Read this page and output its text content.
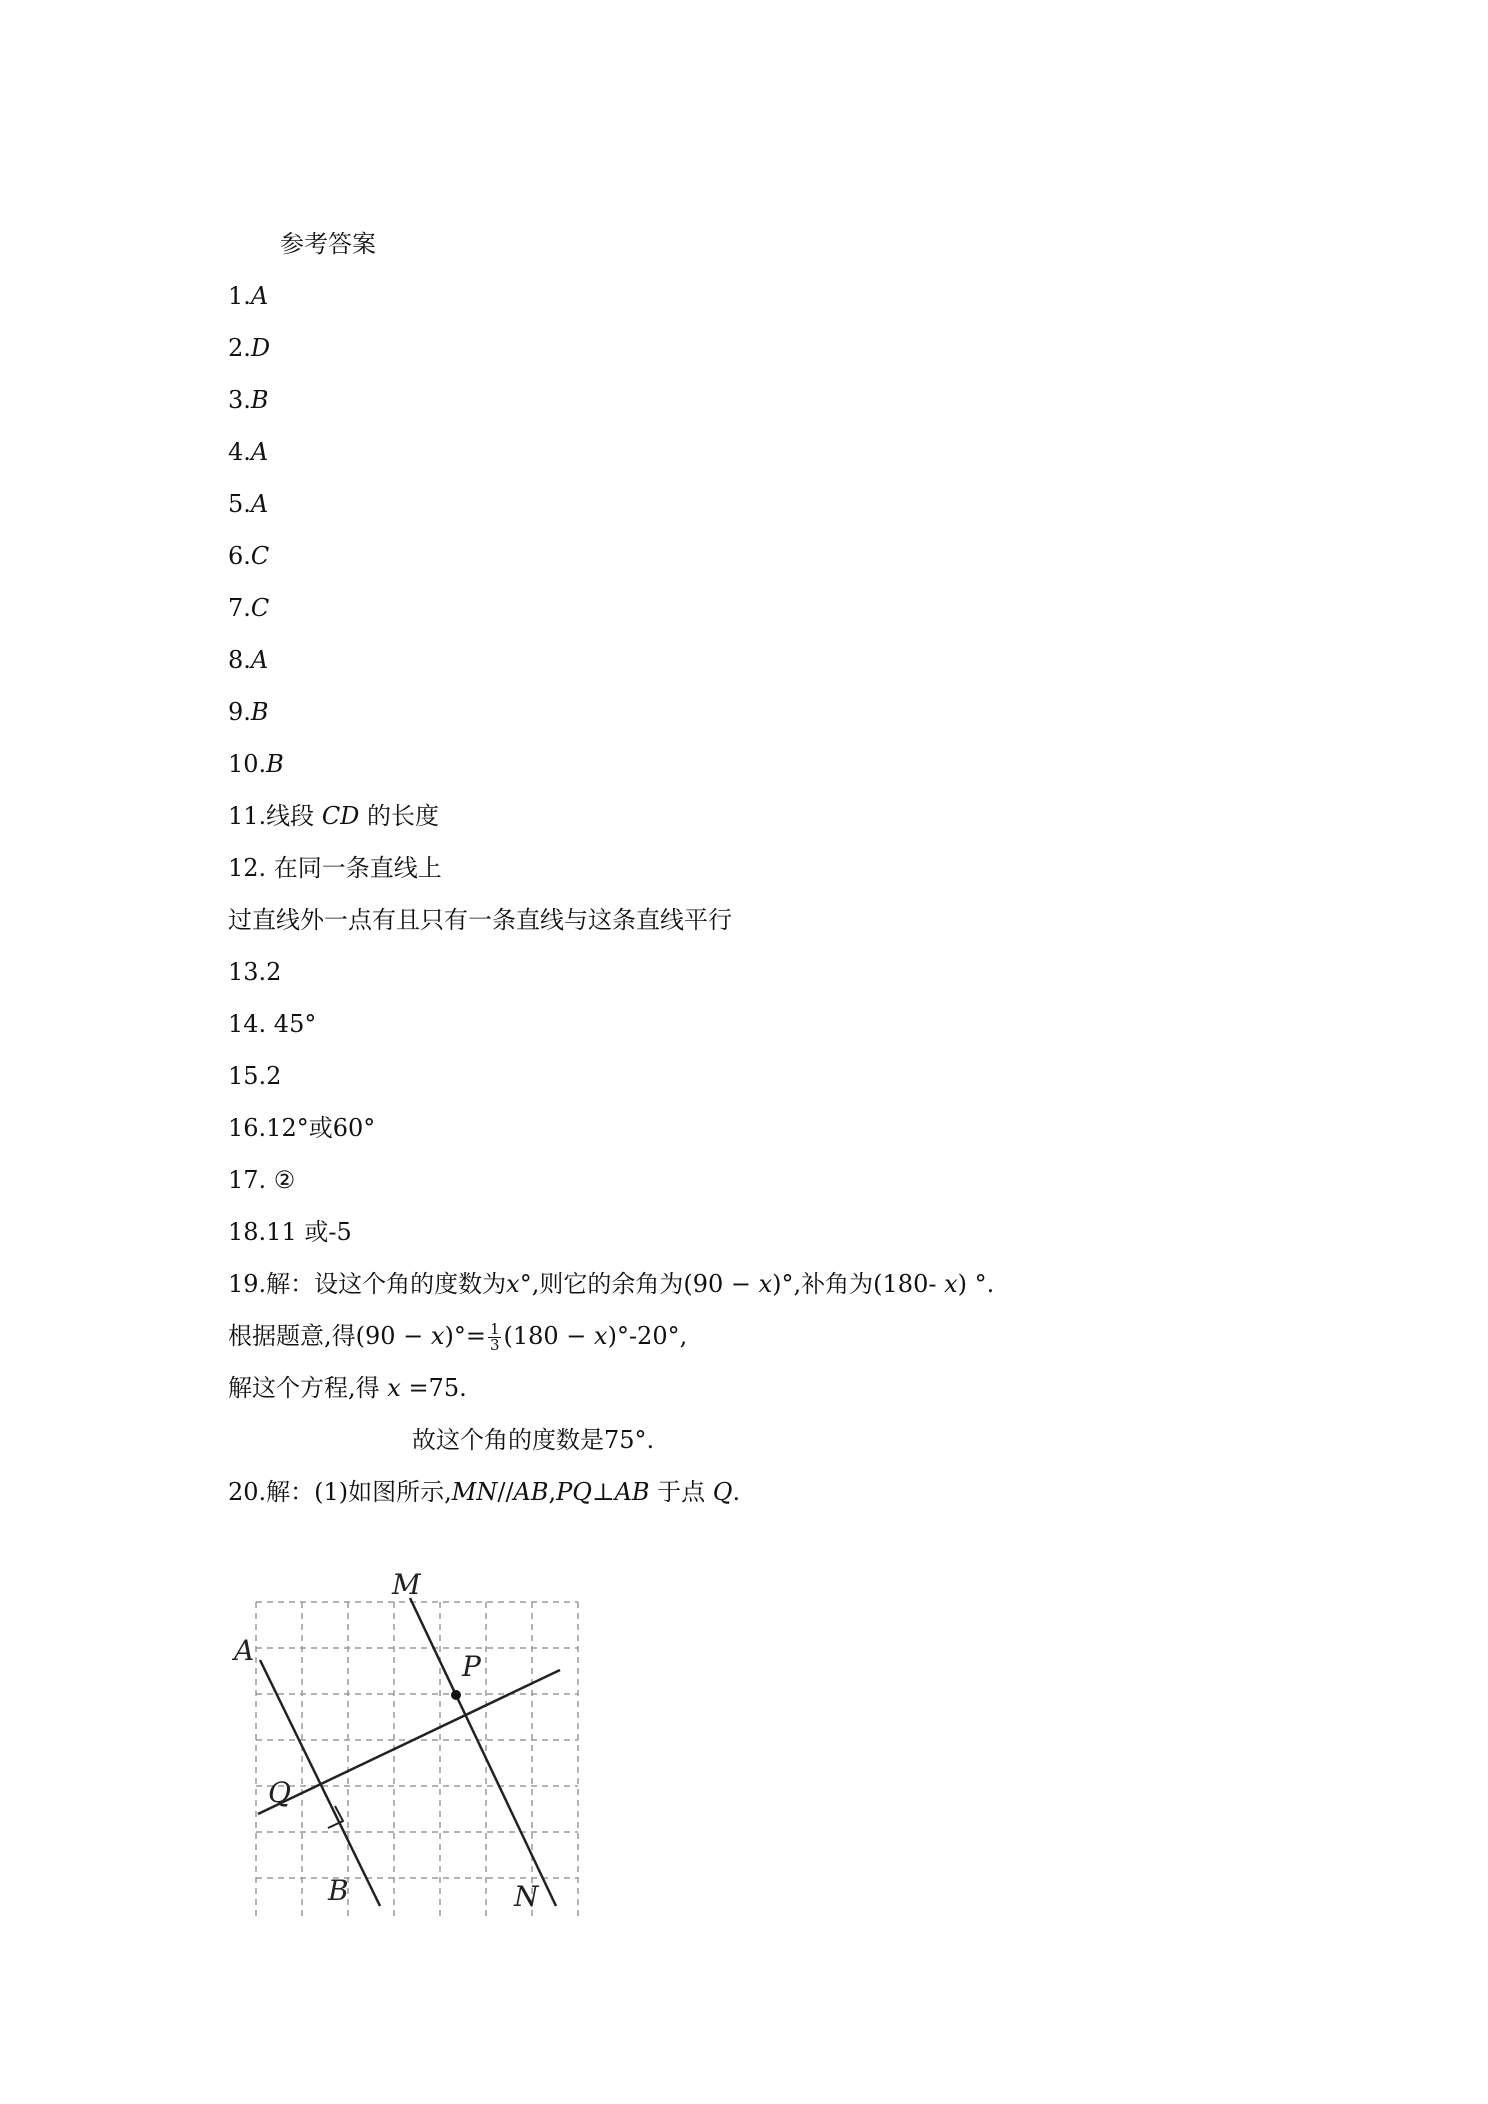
参考答案
1.A
2.D
3.B
4.A
5.A
6.C
7.C
8.A
9.B
10.B
11.线段 CD 的长度
12. 在同一条直线上
过直线外一点有且只有一条直线与这条直线平行
13.2
14. 45°
15.2
16.12°或60°
17. ②
18.11 或-5
19.解：设这个角的度数为x°,则它的余角为(90 − x)°,补角为(180- x) °.
根据题意,得$(90 - x)^\circ= \frac{1}{3} (180 - x)^\circ-20^\circ$,
解这个方程,得 x =75.
故这个角的度数是75°.
20.解：(1)如图所示,MN//AB,PQ⊥AB 于点 Q.
A
M
P
Q
B	N
